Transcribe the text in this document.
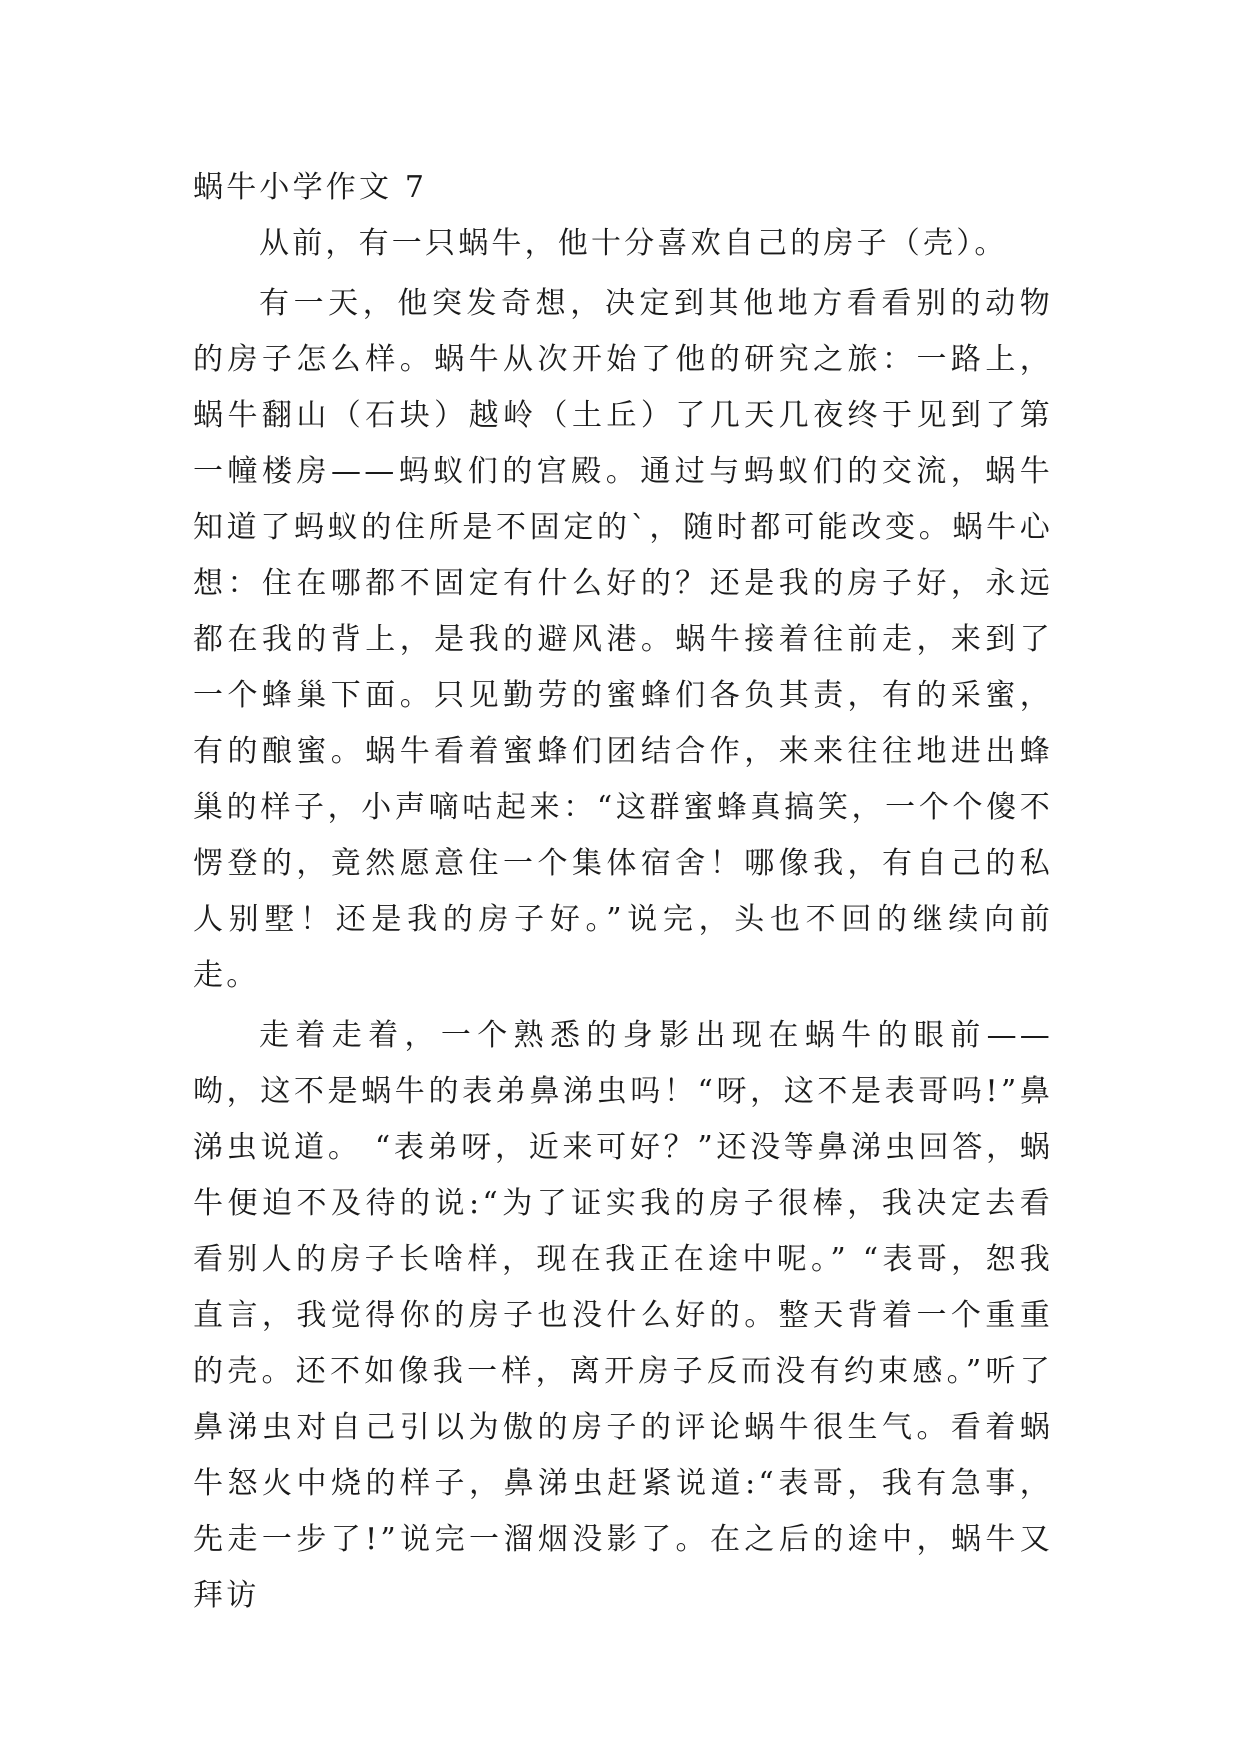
蜗牛小学作文 7

从前，有一只蜗牛，他十分喜欢自己的房子（壳）。

有一天，他突发奇想，决定到其他地方看看别的动物的房子怎么样。蜗牛从次开始了他的研究之旅：一路上，蜗牛翻山（石块）越岭（土丘）了几天几夜终于见到了第一幢楼房——蚂蚁们的宫殿。通过与蚂蚁们的交流，蜗牛知道了蚂蚁的住所是不固定的`，随时都可能改变。蜗牛心想：住在哪都不固定有什么好的？还是我的房子好，永远都在我的背上，是我的避风港。蜗牛接着往前走，来到了一个蜂巢下面。只见勤劳的蜜蜂们各负其责，有的采蜜，有的酿蜜。蜗牛看着蜜蜂们团结合作，来来往往地进出蜂巢的样子，小声嘀咕起来：“这群蜜蜂真搞笑，一个个傻不愣登的，竟然愿意住一个集体宿舍！哪像我，有自己的私人别墅！还是我的房子好。”说完，头也不回的继续向前走。

走着走着，一个熟悉的身影出现在蜗牛的眼前——呦，这不是蜗牛的表弟鼻涕虫吗！“呀，这不是表哥吗!”鼻涕虫说道。 “表弟呀，近来可好？”还没等鼻涕虫回答，蜗牛便迫不及待的说:“为了证实我的房子很棒，我决定去看看别人的房子长啥样，现在我正在途中呢。” “表哥，恕我直言，我觉得你的房子也没什么好的。整天背着一个重重的壳。还不如像我一样，离开房子反而没有约束感。”听了鼻涕虫对自己引以为傲的房子的评论蜗牛很生气。看着蜗牛怒火中烧的样子，鼻涕虫赶紧说道:“表哥，我有急事，先走一步了!”说完一溜烟没影了。在之后的途中，蜗牛又拜访
